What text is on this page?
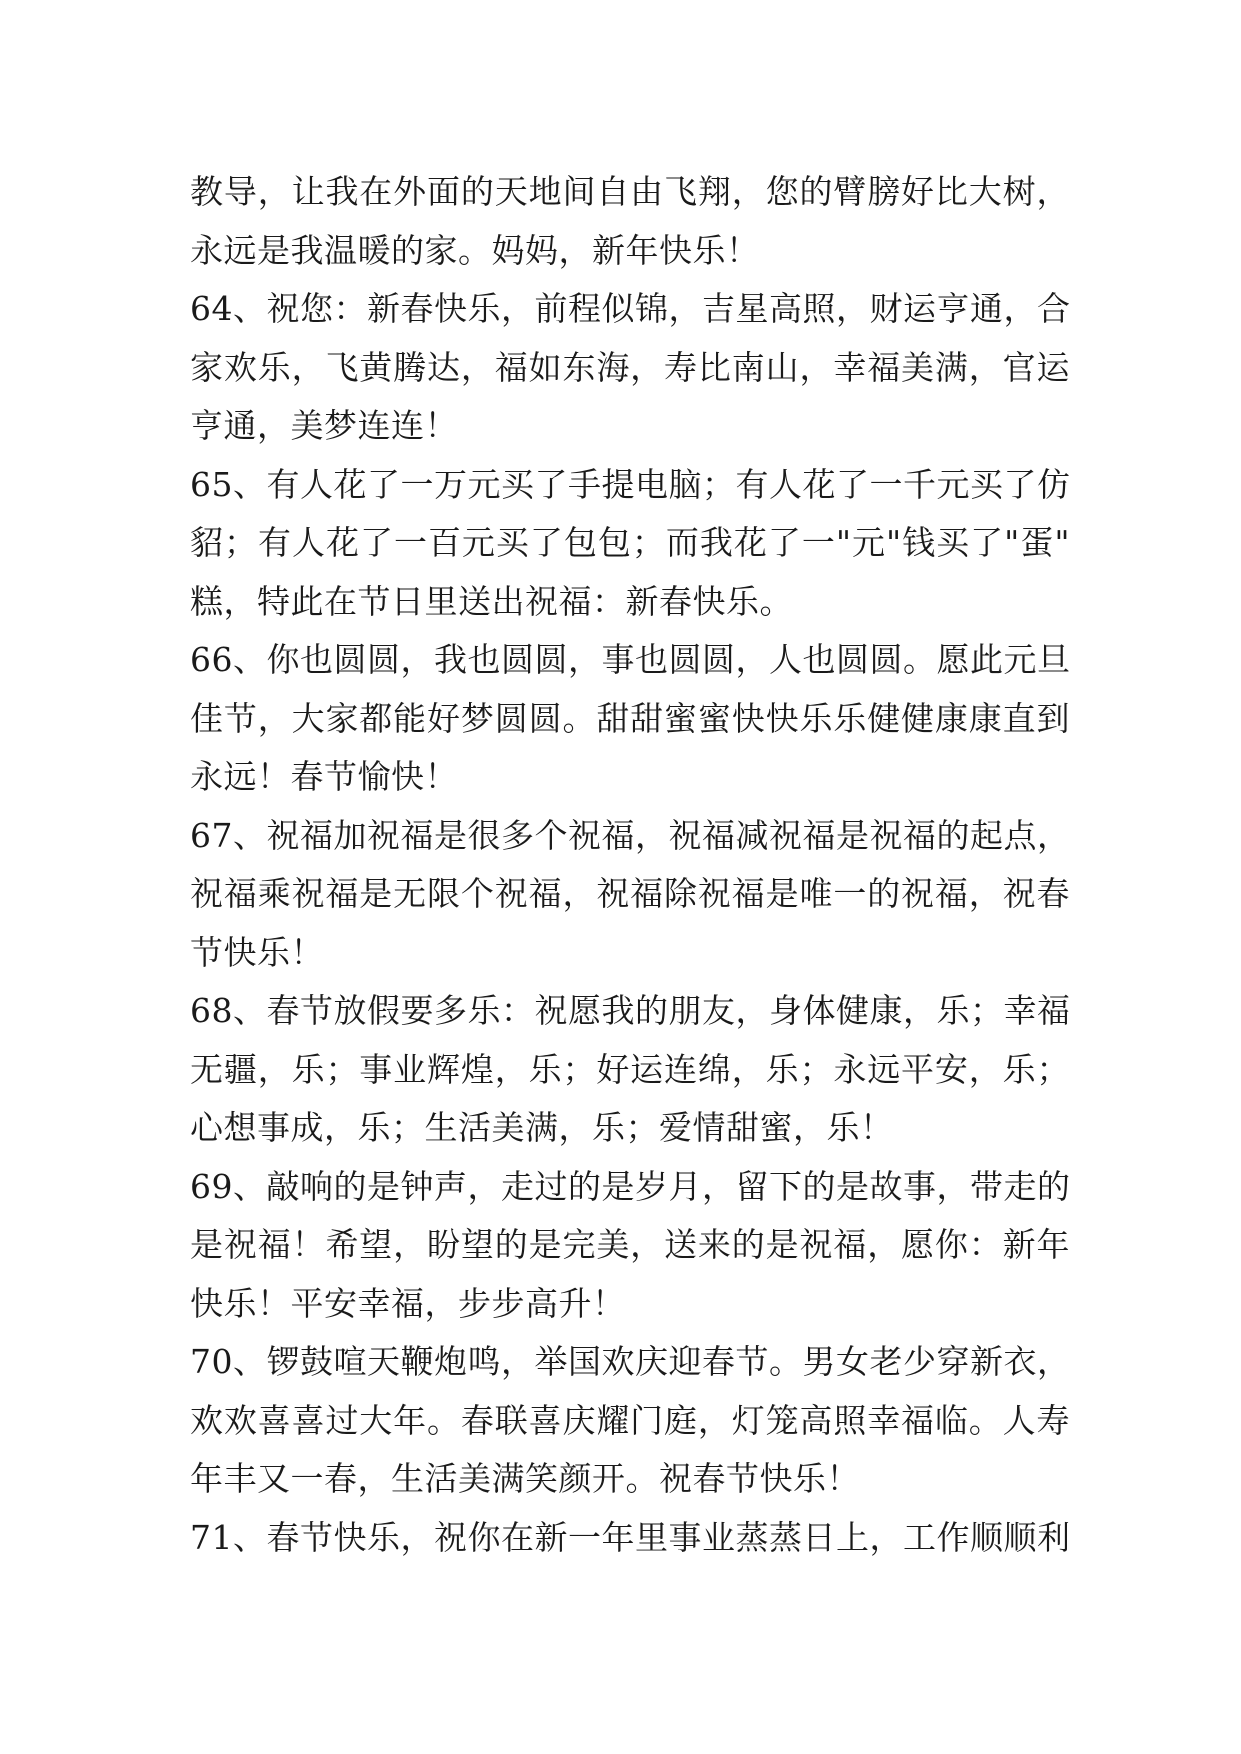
教导，让我在外面的天地间自由飞翔，您的臂膀好比大树，
永远是我温暖的家。妈妈，新年快乐！
64、祝您：新春快乐，前程似锦，吉星高照，财运亨通，合
家欢乐，飞黄腾达，福如东海，寿比南山，幸福美满，官运
亨通，美梦连连！
65、有人花了一万元买了手提电脑；有人花了一千元买了仿
貂；有人花了一百元买了包包；而我花了一"元"钱买了"蛋"
糕，特此在节日里送出祝福：新春快乐。
66、你也圆圆，我也圆圆，事也圆圆，人也圆圆。愿此元旦
佳节，大家都能好梦圆圆。甜甜蜜蜜快快乐乐健健康康直到
永远！春节愉快！
67、祝福加祝福是很多个祝福，祝福减祝福是祝福的起点，
祝福乘祝福是无限个祝福，祝福除祝福是唯一的祝福，祝春
节快乐！
68、春节放假要多乐：祝愿我的朋友，身体健康，乐；幸福
无疆，乐；事业辉煌，乐；好运连绵，乐；永远平安，乐；
心想事成，乐；生活美满，乐；爱情甜蜜，乐！
69、敲响的是钟声，走过的是岁月，留下的是故事，带走的
是祝福！希望，盼望的是完美，送来的是祝福，愿你：新年
快乐！平安幸福，步步高升！
70、锣鼓喧天鞭炮鸣，举国欢庆迎春节。男女老少穿新衣，
欢欢喜喜过大年。春联喜庆耀门庭，灯笼高照幸福临。人寿
年丰又一春，生活美满笑颜开。祝春节快乐！
71、春节快乐，祝你在新一年里事业蒸蒸日上，工作顺顺利
